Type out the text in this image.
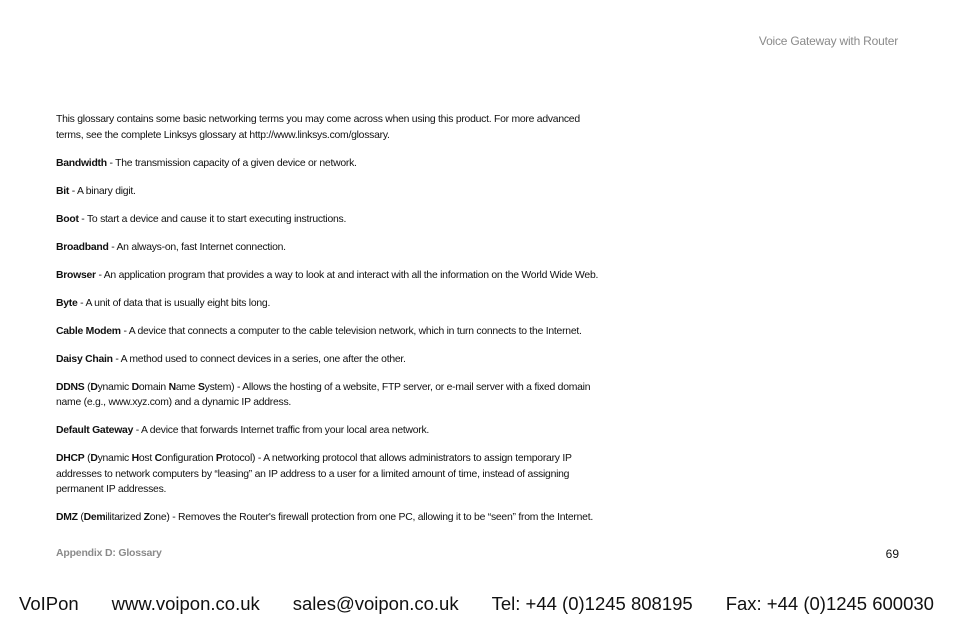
Voice Gateway with Router

This glossary contains some basic networking terms you may come across when using this product. For more advanced
terms, see the complete Linksys glossary at http://www.linksys.com/glossary.

Bandwidth - The transmission capacity of a given device or network.

Bit - A binary digit.

Boot - To start a device and cause it to start executing instructions.

Broadband - An always-on, fast Internet connection.

Browser - An application program that provides a way to look at and interact with all the information on the World Wide Web.

Byte - A unit of data that is usually eight bits long.

Cable Modem - A device that connects a computer to the cable television network, which in turn connects to the Internet.

Daisy Chain - A method used to connect devices in a series, one after the other.

DDNS (Dynamic Domain Name System) - Allows the hosting of a website, FTP server, or e-mail server with a fixed domain
name (e.g., www.xyz.com) and a dynamic IP address.

Default Gateway - A device that forwards Internet traffic from your local area network.

DHCP (Dynamic Host Configuration Protocol) - A networking protocol that allows administrators to assign temporary IP
addresses to network computers by “leasing” an IP address to a user for a limited amount of time, instead of assigning
permanent IP addresses.

DMZ (Demilitarized Zone) - Removes the Router's firewall protection from one PC, allowing it to be “seen” from the Internet.

Appendix D: Glossary	69
VoIPon www.voipon.co.uk sales@voipon.co.uk Tel: +44 (0)1245 808195 Fax: +44 (0)1245 600030
